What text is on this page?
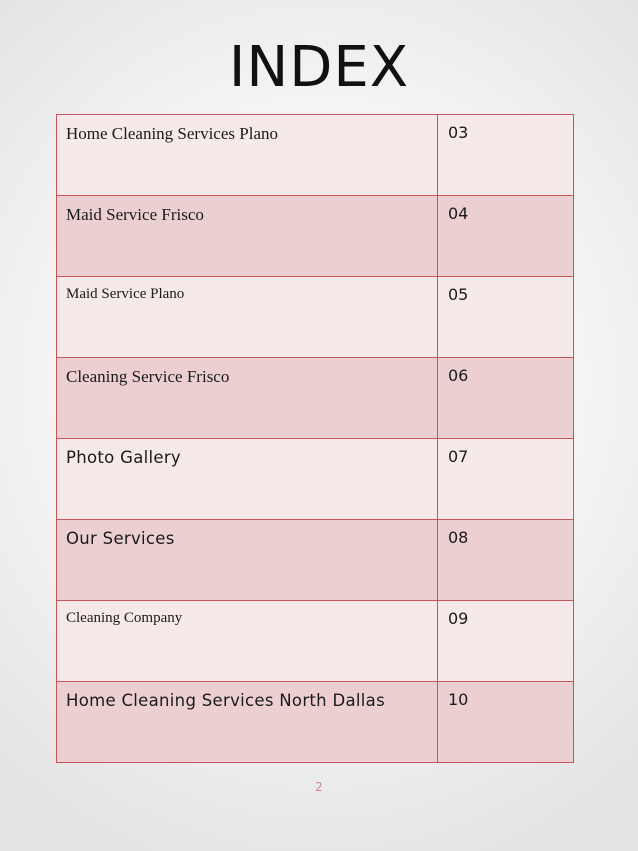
INDEX
Home Cleaning Services Plano	03
Maid Service Frisco	04
Maid Service Plano	05
Cleaning Service Frisco	06
Photo Gallery	07
Our Services	08
Cleaning Company	09
Home Cleaning Services North Dallas	10
2
